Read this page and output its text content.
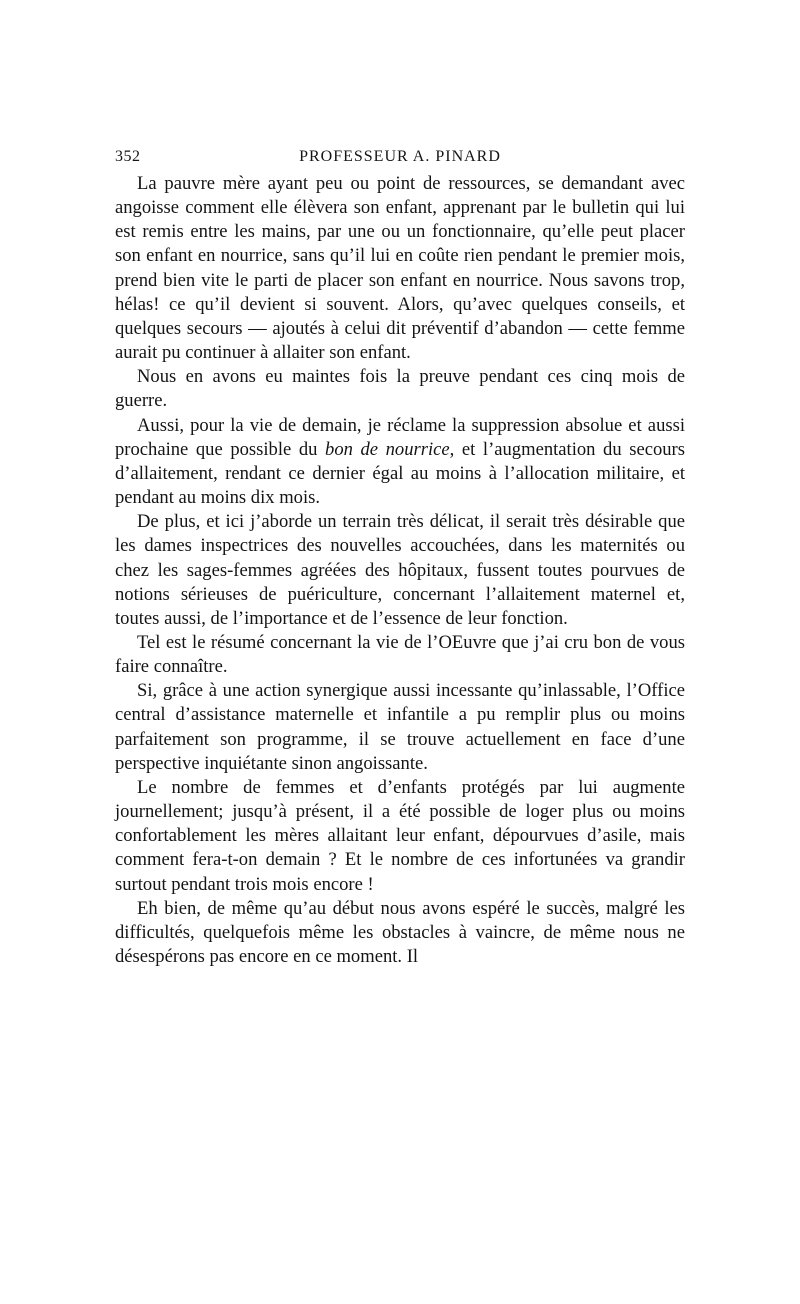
352	PROFESSEUR A. PINARD

La pauvre mère ayant peu ou point de ressources, se demandant avec angoisse comment elle élèvera son enfant, apprenant par le bulletin qui lui est remis entre les mains, par une ou un fonctionnaire, qu’elle peut placer son enfant en nourrice, sans qu’il lui en coûte rien pendant le premier mois, prend bien vite le parti de placer son enfant en nourrice. Nous savons trop, hélas! ce qu’il devient si souvent. Alors, qu’avec quelques conseils, et quelques secours — ajoutés à celui dit préventif d’abandon — cette femme aurait pu continuer à allaiter son enfant.

Nous en avons eu maintes fois la preuve pendant ces cinq mois de guerre.

Aussi, pour la vie de demain, je réclame la suppression absolue et aussi prochaine que possible du bon de nourrice, et l’augmentation du secours d’allaitement, rendant ce dernier égal au moins à l’allocation militaire, et pendant au moins dix mois.

De plus, et ici j’aborde un terrain très délicat, il serait très désirable que les dames inspectrices des nouvelles accouchées, dans les maternités ou chez les sages-femmes agréées des hôpitaux, fussent toutes pourvues de notions sérieuses de puériculture, concernant l’allaitement maternel et, toutes aussi, de l’importance et de l’essence de leur fonction.

Tel est le résumé concernant la vie de l’OEuvre que j’ai cru bon de vous faire connaître.

Si, grâce à une action synergique aussi incessante qu’inlassable, l’Office central d’assistance maternelle et infantile a pu remplir plus ou moins parfaitement son programme, il se trouve actuellement en face d’une perspective inquiétante sinon angoissante.

Le nombre de femmes et d’enfants protégés par lui augmente journellement; jusqu’à présent, il a été possible de loger plus ou moins confortablement les mères allaitant leur enfant, dépourvues d’asile, mais comment fera-t-on demain ? Et le nombre de ces infortunées va grandir surtout pendant trois mois encore !

Eh bien, de même qu’au début nous avons espéré le succès, malgré les difficultés, quelquefois même les obstacles à vaincre, de même nous ne désespérons pas encore en ce moment. Il
